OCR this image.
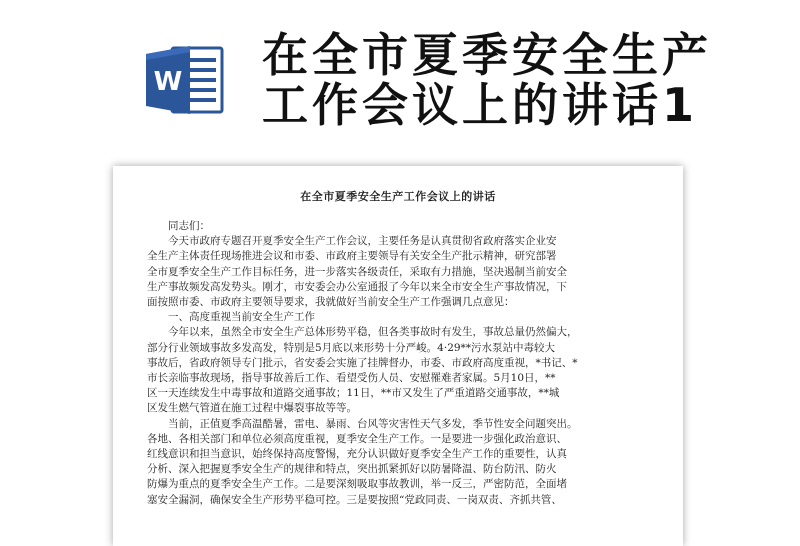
W 在全市夏季安全生产
工作会议上的讲话1
在全市夏季安全生产工作会议上的讲话
同志们：
今天市政府专题召开夏季安全生产工作会议，主要任务是认真贯彻省政府落实企业安
全生产主体责任现场推进会议和市委、市政府主要领导有关安全生产批示精神，研究部署
全市夏季安全生产工作目标任务，进一步落实各级责任，采取有力措施，坚决遏制当前安全
生产事故频发高发势头。刚才，市安委会办公室通报了今年以来全市安全生产事故情况，下
面按照市委、市政府主要领导要求，我就做好当前安全生产工作强调几点意见：
一、高度重视当前安全生产工作
今年以来，虽然全市安全生产总体形势平稳，但各类事故时有发生，事故总量仍然偏大，
部分行业领域事故多发高发，特别是5月底以来形势十分严峻。4·29**污水泵站中毒较大
事故后，省政府领导专门批示，省安委会实施了挂牌督办，市委、市政府高度重视，*书记、*
市长亲临事故现场，指导事故善后工作、看望受伤人员、安慰罹难者家属。5月10日，**
区一天连续发生中毒事故和道路交通事故；11日，**市又发生了严重道路交通事故，**城
区发生燃气管道在施工过程中爆裂事故等等。
当前，正值夏季高温酷暑，雷电、暴雨、台风等灾害性天气多发，季节性安全问题突出。
各地、各相关部门和单位必须高度重视，夏季安全生产工作。一是要进一步强化政治意识、
红线意识和担当意识，始终保持高度警惕，充分认识做好夏季安全生产工作的重要性，认真
分析、深入把握夏季安全生产的规律和特点，突出抓紧抓好以防暑降温、防台防汛、防火
防爆为重点的夏季安全生产工作。二是要深刻吸取事故教训，举一反三，严密防范，全面堵
塞安全漏洞，确保安全生产形势平稳可控。三是要按照“党政同责、一岗双责、齐抓共管、
